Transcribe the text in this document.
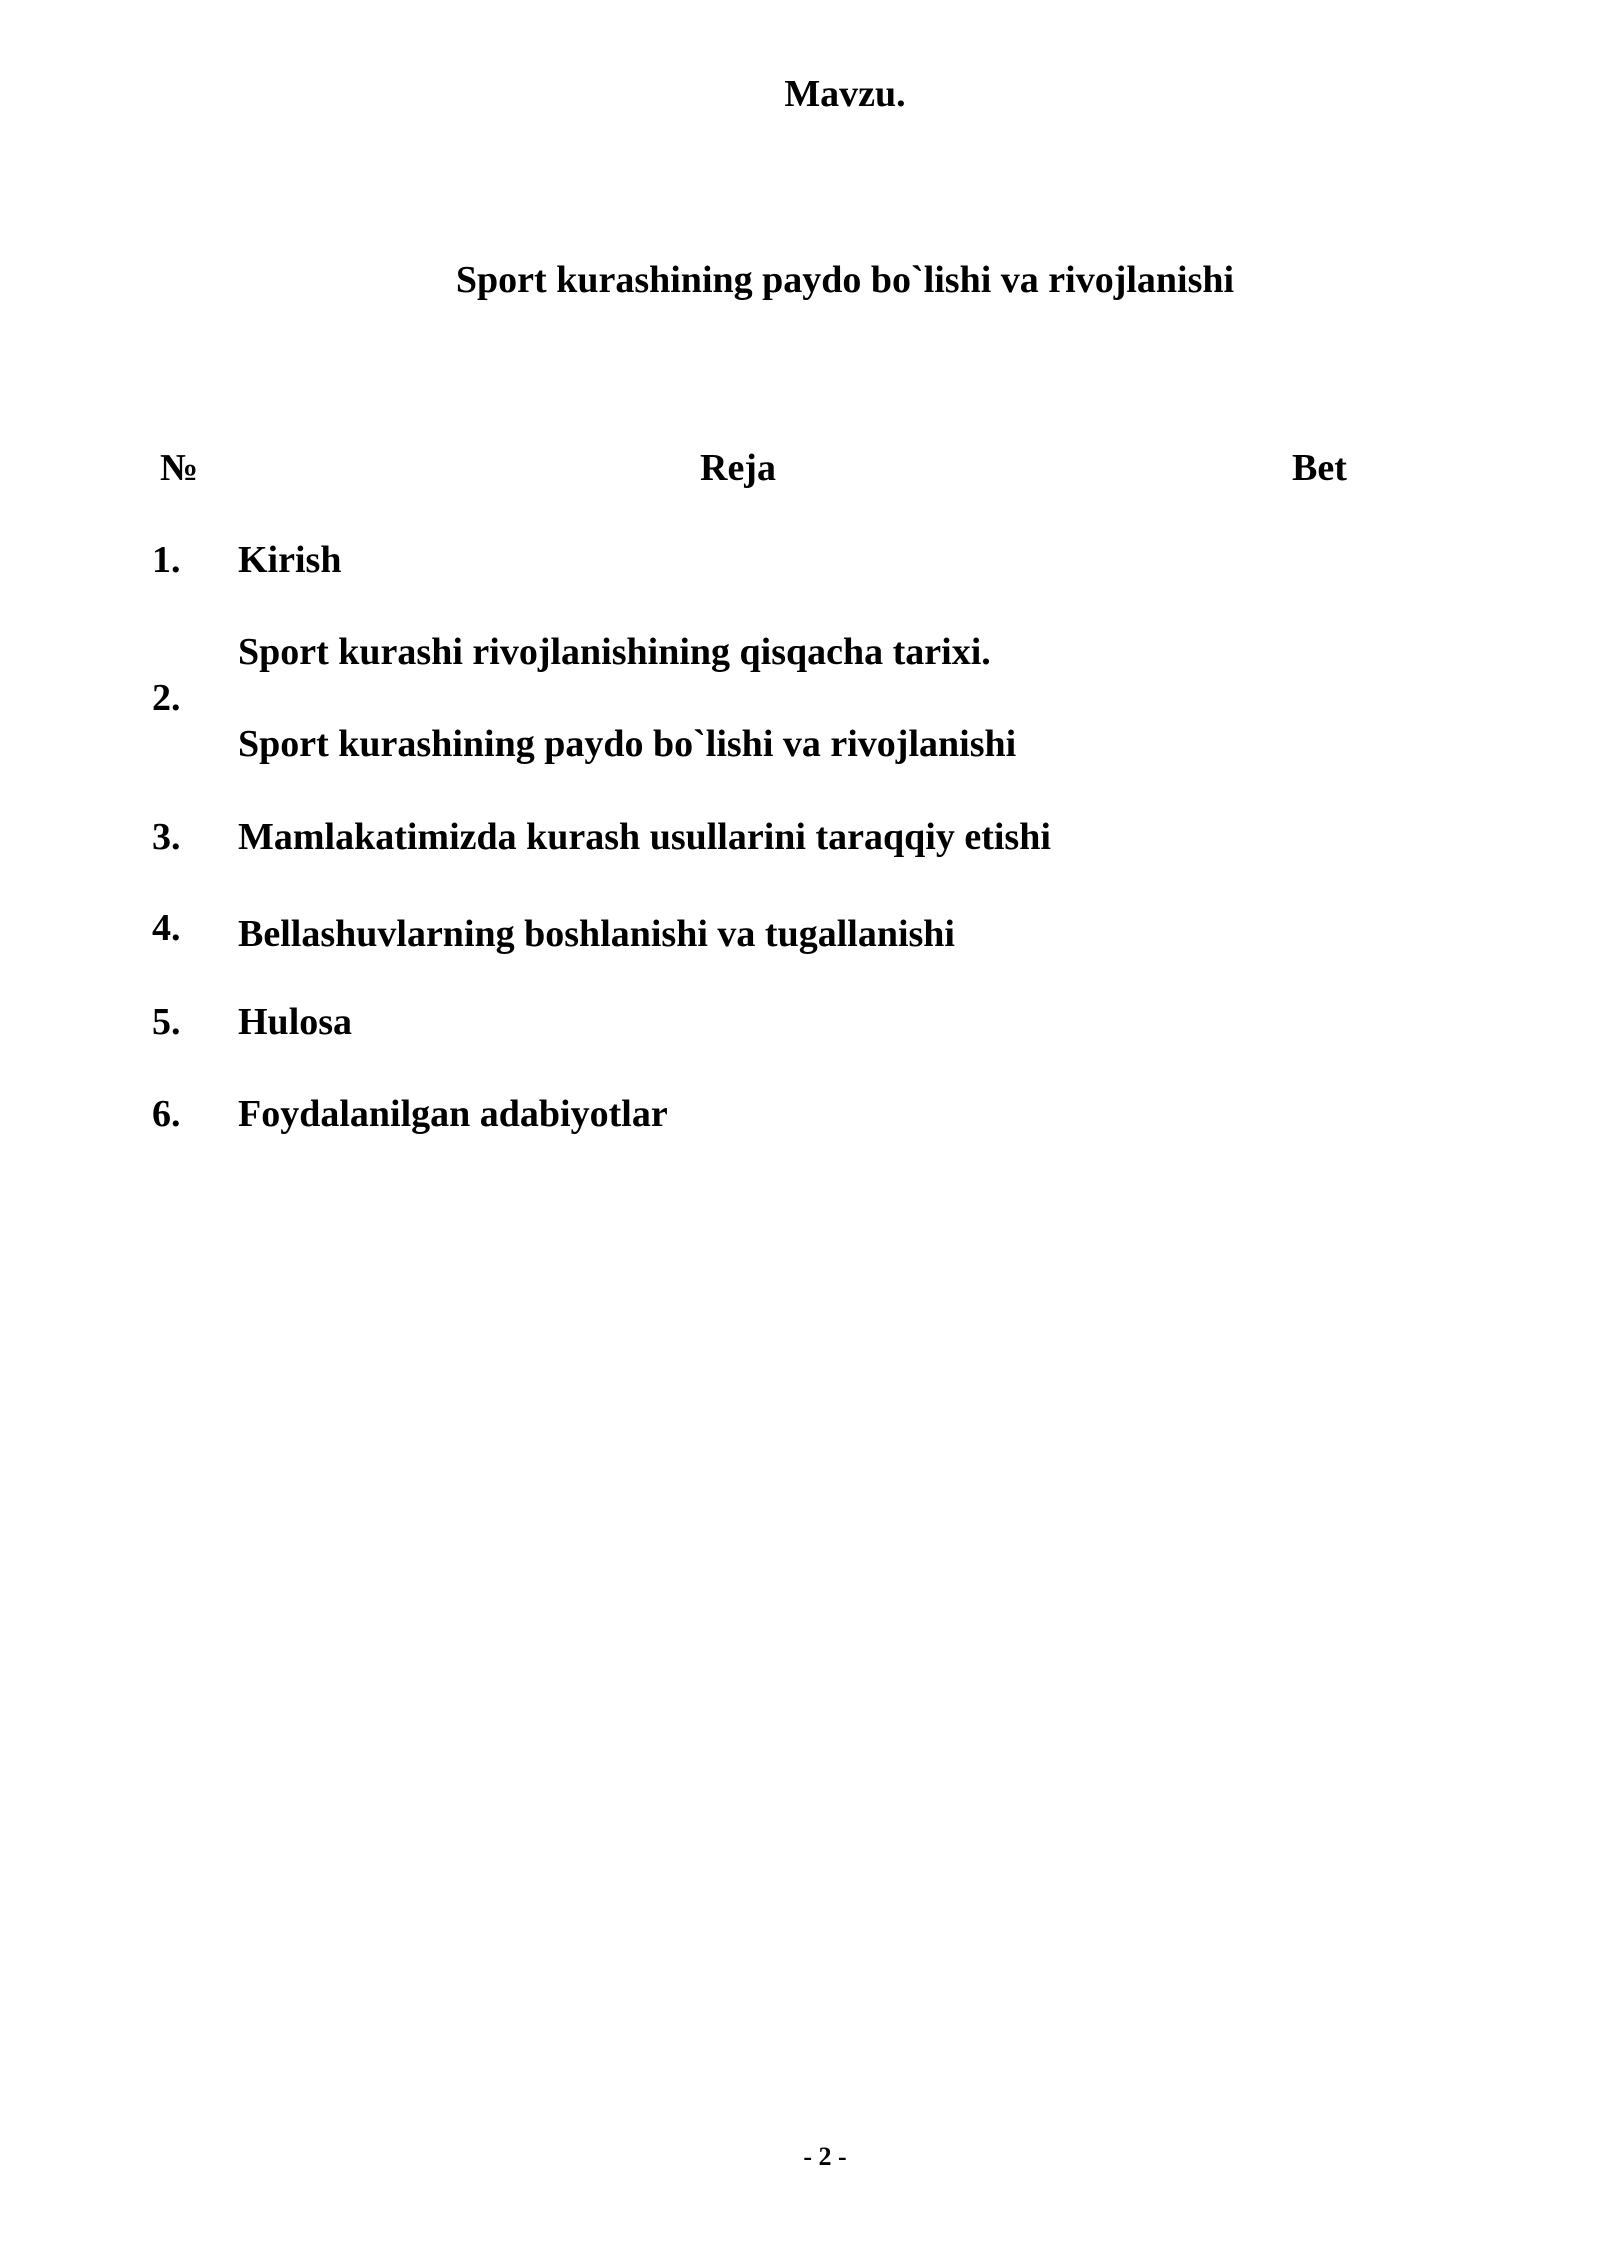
Mavzu.
Sport kurashining paydo bo`lishi va rivojlanishi
№	Reja	Bet
1. Kirish
2.
Sport kurashi rivojlanishining qisqacha tarixi.
Sport kurashining paydo bo`lishi va rivojlanishi
3. Mamlakatimizda kurash usullarini taraqqiy etishi
4. Bellashuvlarning boshlanishi va tugallanishi
5. Hulosa
6. Foydalanilgan adabiyotlar
- 2 -
